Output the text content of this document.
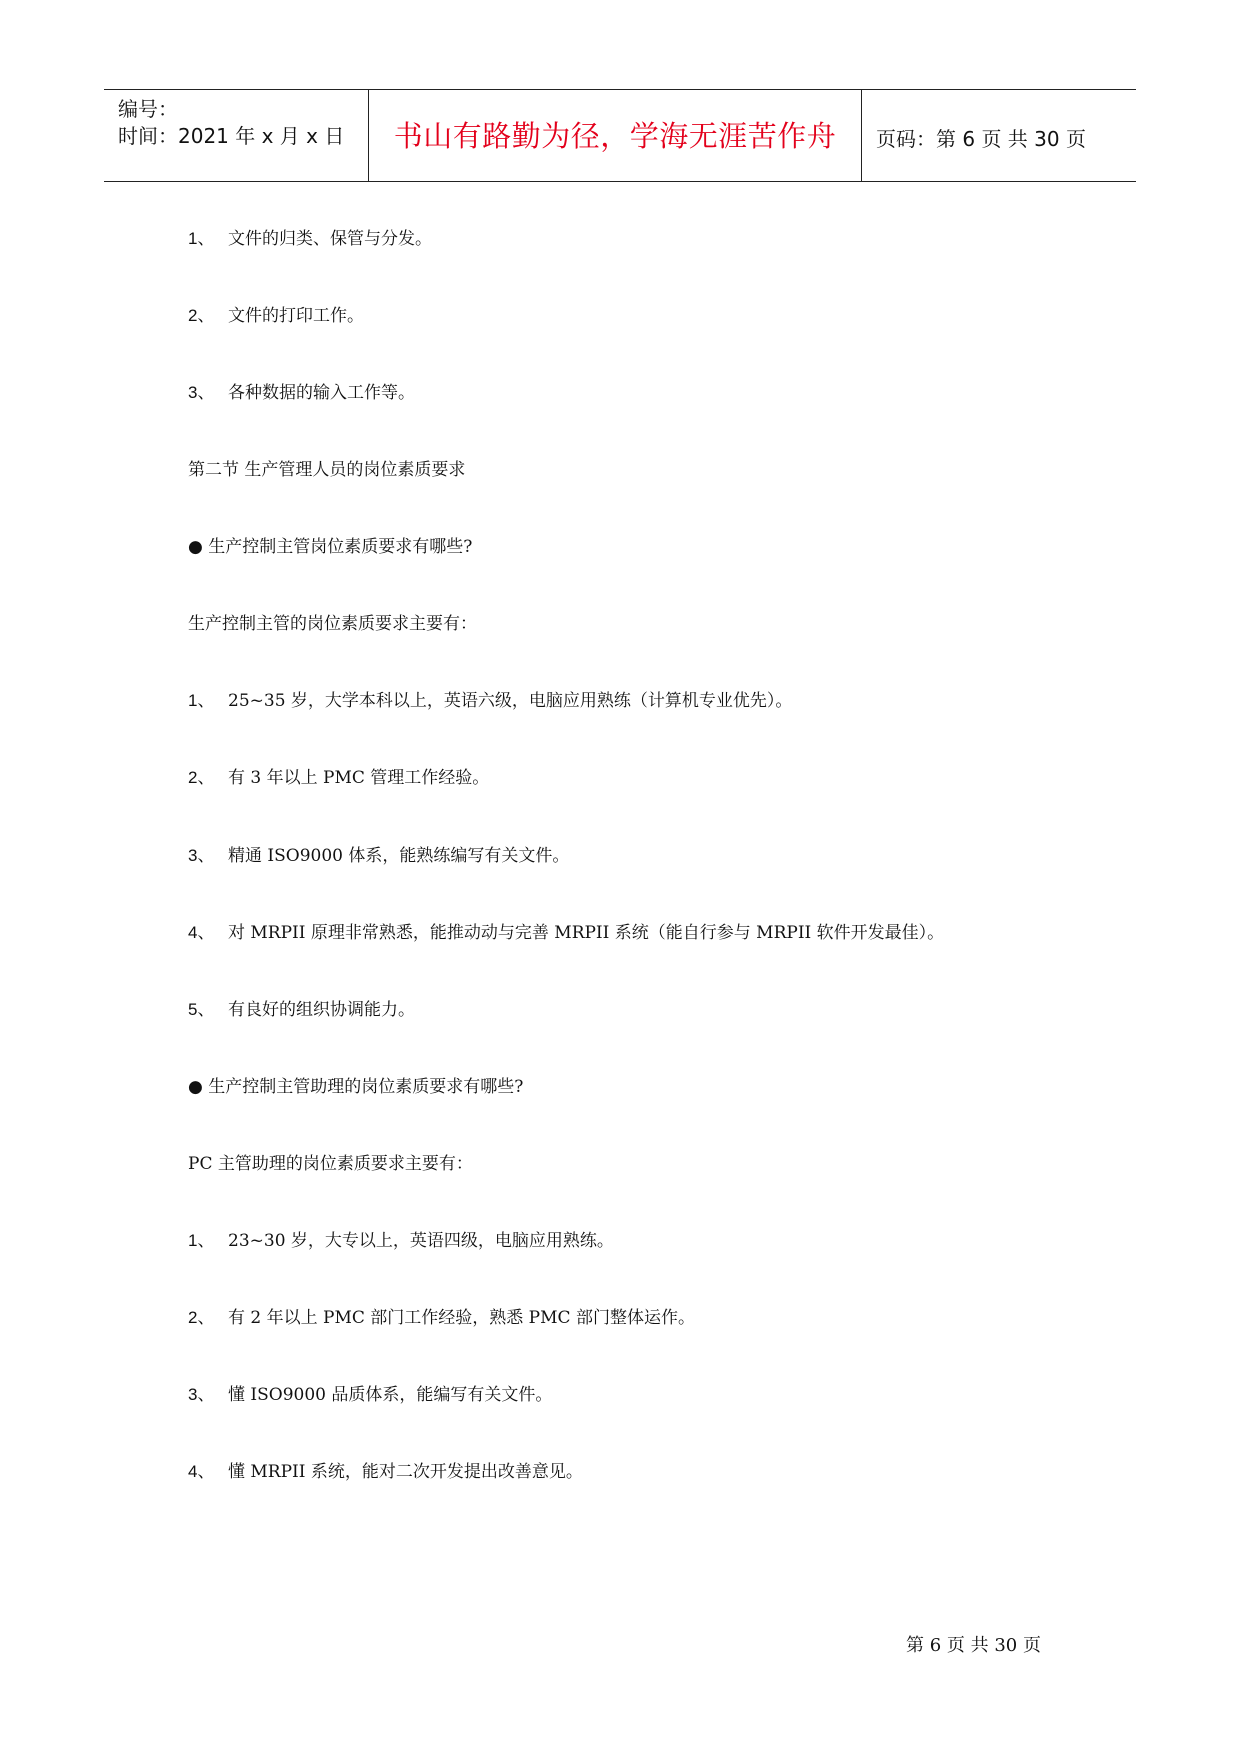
编号：
时间：2021 年 x 月 x 日	书山有路勤为径，学海无涯苦作舟	页码：第 6 页 共 30 页
1、 文件的归类、保管与分发。
2、 文件的打印工作。
3、 各种数据的输入工作等。
第二节 生产管理人员的岗位素质要求
● 生产控制主管岗位素质要求有哪些?
生产控制主管的岗位素质要求主要有：
1、 25~35 岁，大学本科以上，英语六级，电脑应用熟练（计算机专业优先）。
2、 有 3 年以上 PMC 管理工作经验。
3、 精通 ISO9000 体系，能熟练编写有关文件。
4、 对 MRPII 原理非常熟悉，能推动动与完善 MRPII 系统（能自行参与 MRPII 软件开发最佳）。
5、 有良好的组织协调能力。
● 生产控制主管助理的岗位素质要求有哪些?
PC 主管助理的岗位素质要求主要有：
1、 23~30 岁，大专以上，英语四级，电脑应用熟练。
2、 有 2 年以上 PMC 部门工作经验，熟悉 PMC 部门整体运作。
3、 懂 ISO9000 品质体系，能编写有关文件。
4、 懂 MRPII 系统，能对二次开发提出改善意见。
第 6 页 共 30 页
